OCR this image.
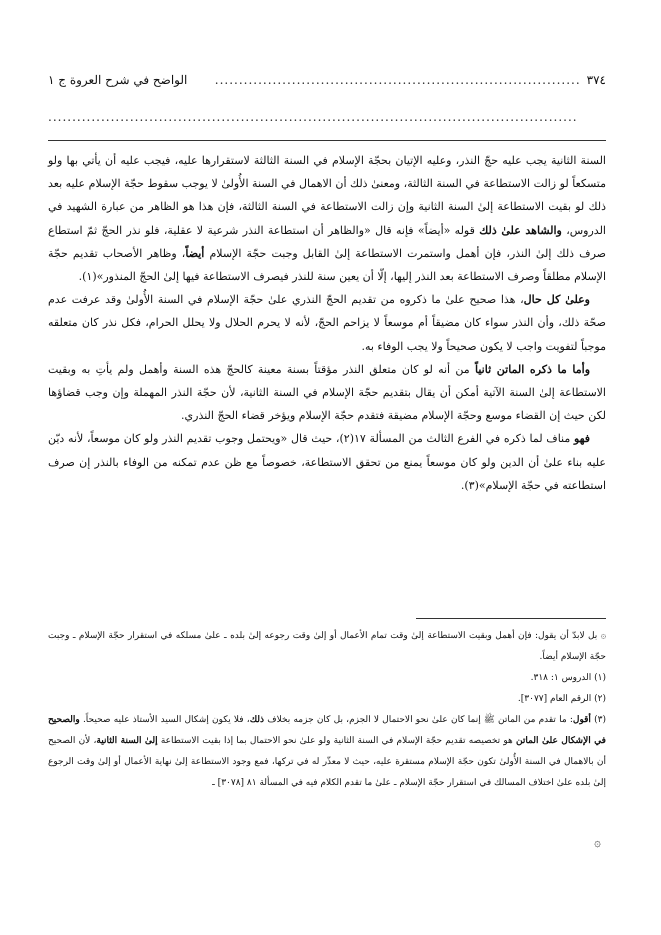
٣٧٤
............................................................................
الواضح في شرح العروة ج ١
..............................................................................................................

السنة الثانية يجب عليه حجّ النذر، وعليه الإتيان بحجّة الإسلام في السنة الثالثة لاستقرارها عليه، فيجب عليه أن يأتي بها ولو متسكعاً لو زالت الاستطاعة في السنة الثالثة، ومعنىٰ ذلك أن الاهمال في السنة الأُولىٰ لا يوجب سقوط حجّة الإسلام عليه بعد ذلك لو بقيت الاستطاعة إلىٰ السنة الثانية وإن زالت الاستطاعة في السنة الثالثة، فإن هذا هو الظاهر من عبارة الشهيد في الدروس، والشاهد علىٰ ذلك قوله «أيضاً» فإنه قال «والظاهر أن استطاعة النذر شرعية لا عقلية، فلو نذر الحجّ ثمّ استطاع صرف ذلك إلىٰ النذر، فإن أهمل واستمرت الاستطاعة إلىٰ القابل وجبت حجّة الإسلام أيضاً، وظاهر الأصحاب تقديم حجّة الإسلام مطلقاً وصرف الاستطاعة بعد النذر إليها، إلّا أن يعين سنة للنذر فيصرف الاستطاعة فيها إلىٰ الحجّ المنذور»(١).

وعلىٰ كل حال، هذا صحيح علىٰ ما ذكروه من تقديم الحجّ النذري علىٰ حجّة الإسلام في السنة الأُولىٰ وقد عرفت عدم صحّة ذلك، وأن النذر سواء كان مضيقاً أم موسعاً لا يزاحم الحجّ، لأنه لا يحرم الحلال ولا يحلل الحرام، فكل نذر كان متعلقه موجباً لتفويت واجب لا يكون صحيحاً ولا يجب الوفاء به.

وأما ما ذكره الماتن ثانياً من أنه لو كان متعلق النذر مؤقتاً بسنة معينة كالحجّ هذه السنة وأهمل ولم يأتِ به وبقيت الاستطاعة إلىٰ السنة الآتية أمكن أن يقال بتقديم حجّة الإسلام في السنة الثانية، لأن حجّة النذر المهملة وإن وجب قضاؤها لكن حيث إن القضاء موسع وحجّة الإسلام مضيقة فتقدم حجّة الإسلام ويؤخر قضاء الحجّ النذري.

فهو مناف لما ذكره في الفرع الثالث من المسألة ١٧(٢)، حيث قال «ويحتمل وجوب تقديم النذر ولو كان موسعاً، لأنه ديّن عليه بناء علىٰ أن الدين ولو كان موسعاً يمنع من تحقق الاستطاعة، خصوصاً مع ظن عدم تمكنه من الوفاء بالنذر إن صرف استطاعته في حجّة الإسلام»(٣).

۞ بل لابدّ أن يقول: فإن أهمل وبقيت الاستطاعة إلىٰ وقت تمام الأعمال أو إلىٰ وقت رجوعه إلىٰ بلده ـ علىٰ مسلكه في استقرار حجّة الإسلام ـ وجبت حجّة الإسلام أيضاً.

(١) الدروس ١: ٣١٨.

(٢) الرقم العام [٣٠٧٧].

(٣) أقول: ما تقدم من الماتن ﷺ إنما كان علىٰ نحو الاحتمال لا الجزم، بل كان جزمه بخلاف ذلك، فلا يكون إشكال السيد الأستاذ عليه صحيحاً. والصحيح في الإشكال علىٰ الماتن هو تخصيصه تقديم حجّة الإسلام في السنة الثانية ولو علىٰ نحو الاحتمال بما إذا بقيت الاستطاعة إلىٰ السنة الثانية، لأن الصحيح أن بالاهمال في السنة الأُولىٰ تكون حجّة الإسلام مستقرة عليه، حيث لا معذّر له في تركها، فمع وجود الاستطاعة إلىٰ نهاية الأعمال أو إلىٰ وقت الرجوع إلىٰ بلده علىٰ اختلاف المسالك في استقرار حجّة الإسلام ـ علىٰ ما تقدم الكلام فيه في المسألة ٨١ [٣٠٧٨] ـ

۞
